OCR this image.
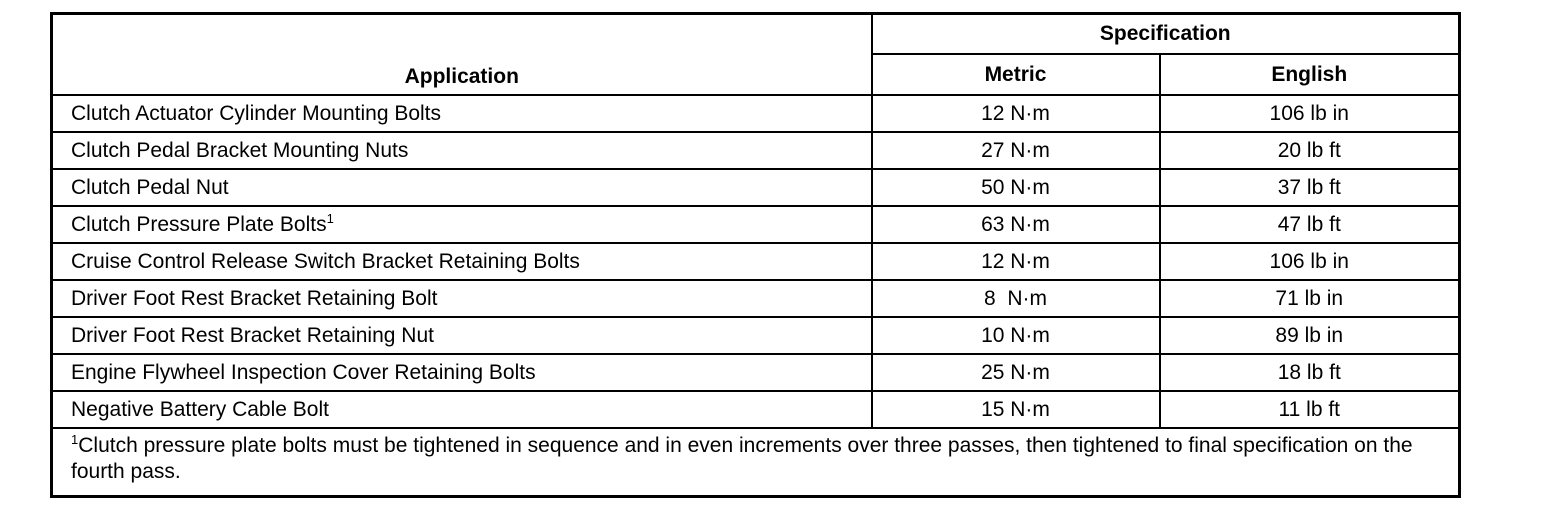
Application	Specification	
	Metric	English
Clutch Actuator Cylinder Mounting Bolts	12 N·m	106 lb in
Clutch Pedal Bracket Mounting Nuts	27 N·m	20 lb ft
Clutch Pedal Nut	50 N·m	37 lb ft
Clutch Pressure Plate Bolts$^1$	63 N·m	47 lb ft
Cruise Control Release Switch Bracket Retaining Bolts	12 N·m	106 lb in
Driver Foot Rest Bracket Retaining Bolt	8  N·m	71 lb in
Driver Foot Rest Bracket Retaining Nut	10 N·m	89 lb in
Engine Flywheel Inspection Cover Retaining Bolts	25 N·m	18 lb ft
Negative Battery Cable Bolt	15 N·m	11 lb ft
$^1$Clutch pressure plate bolts must be tightened in sequence and in even increments over three passes, then tightened to final specification on the fourth pass.		
